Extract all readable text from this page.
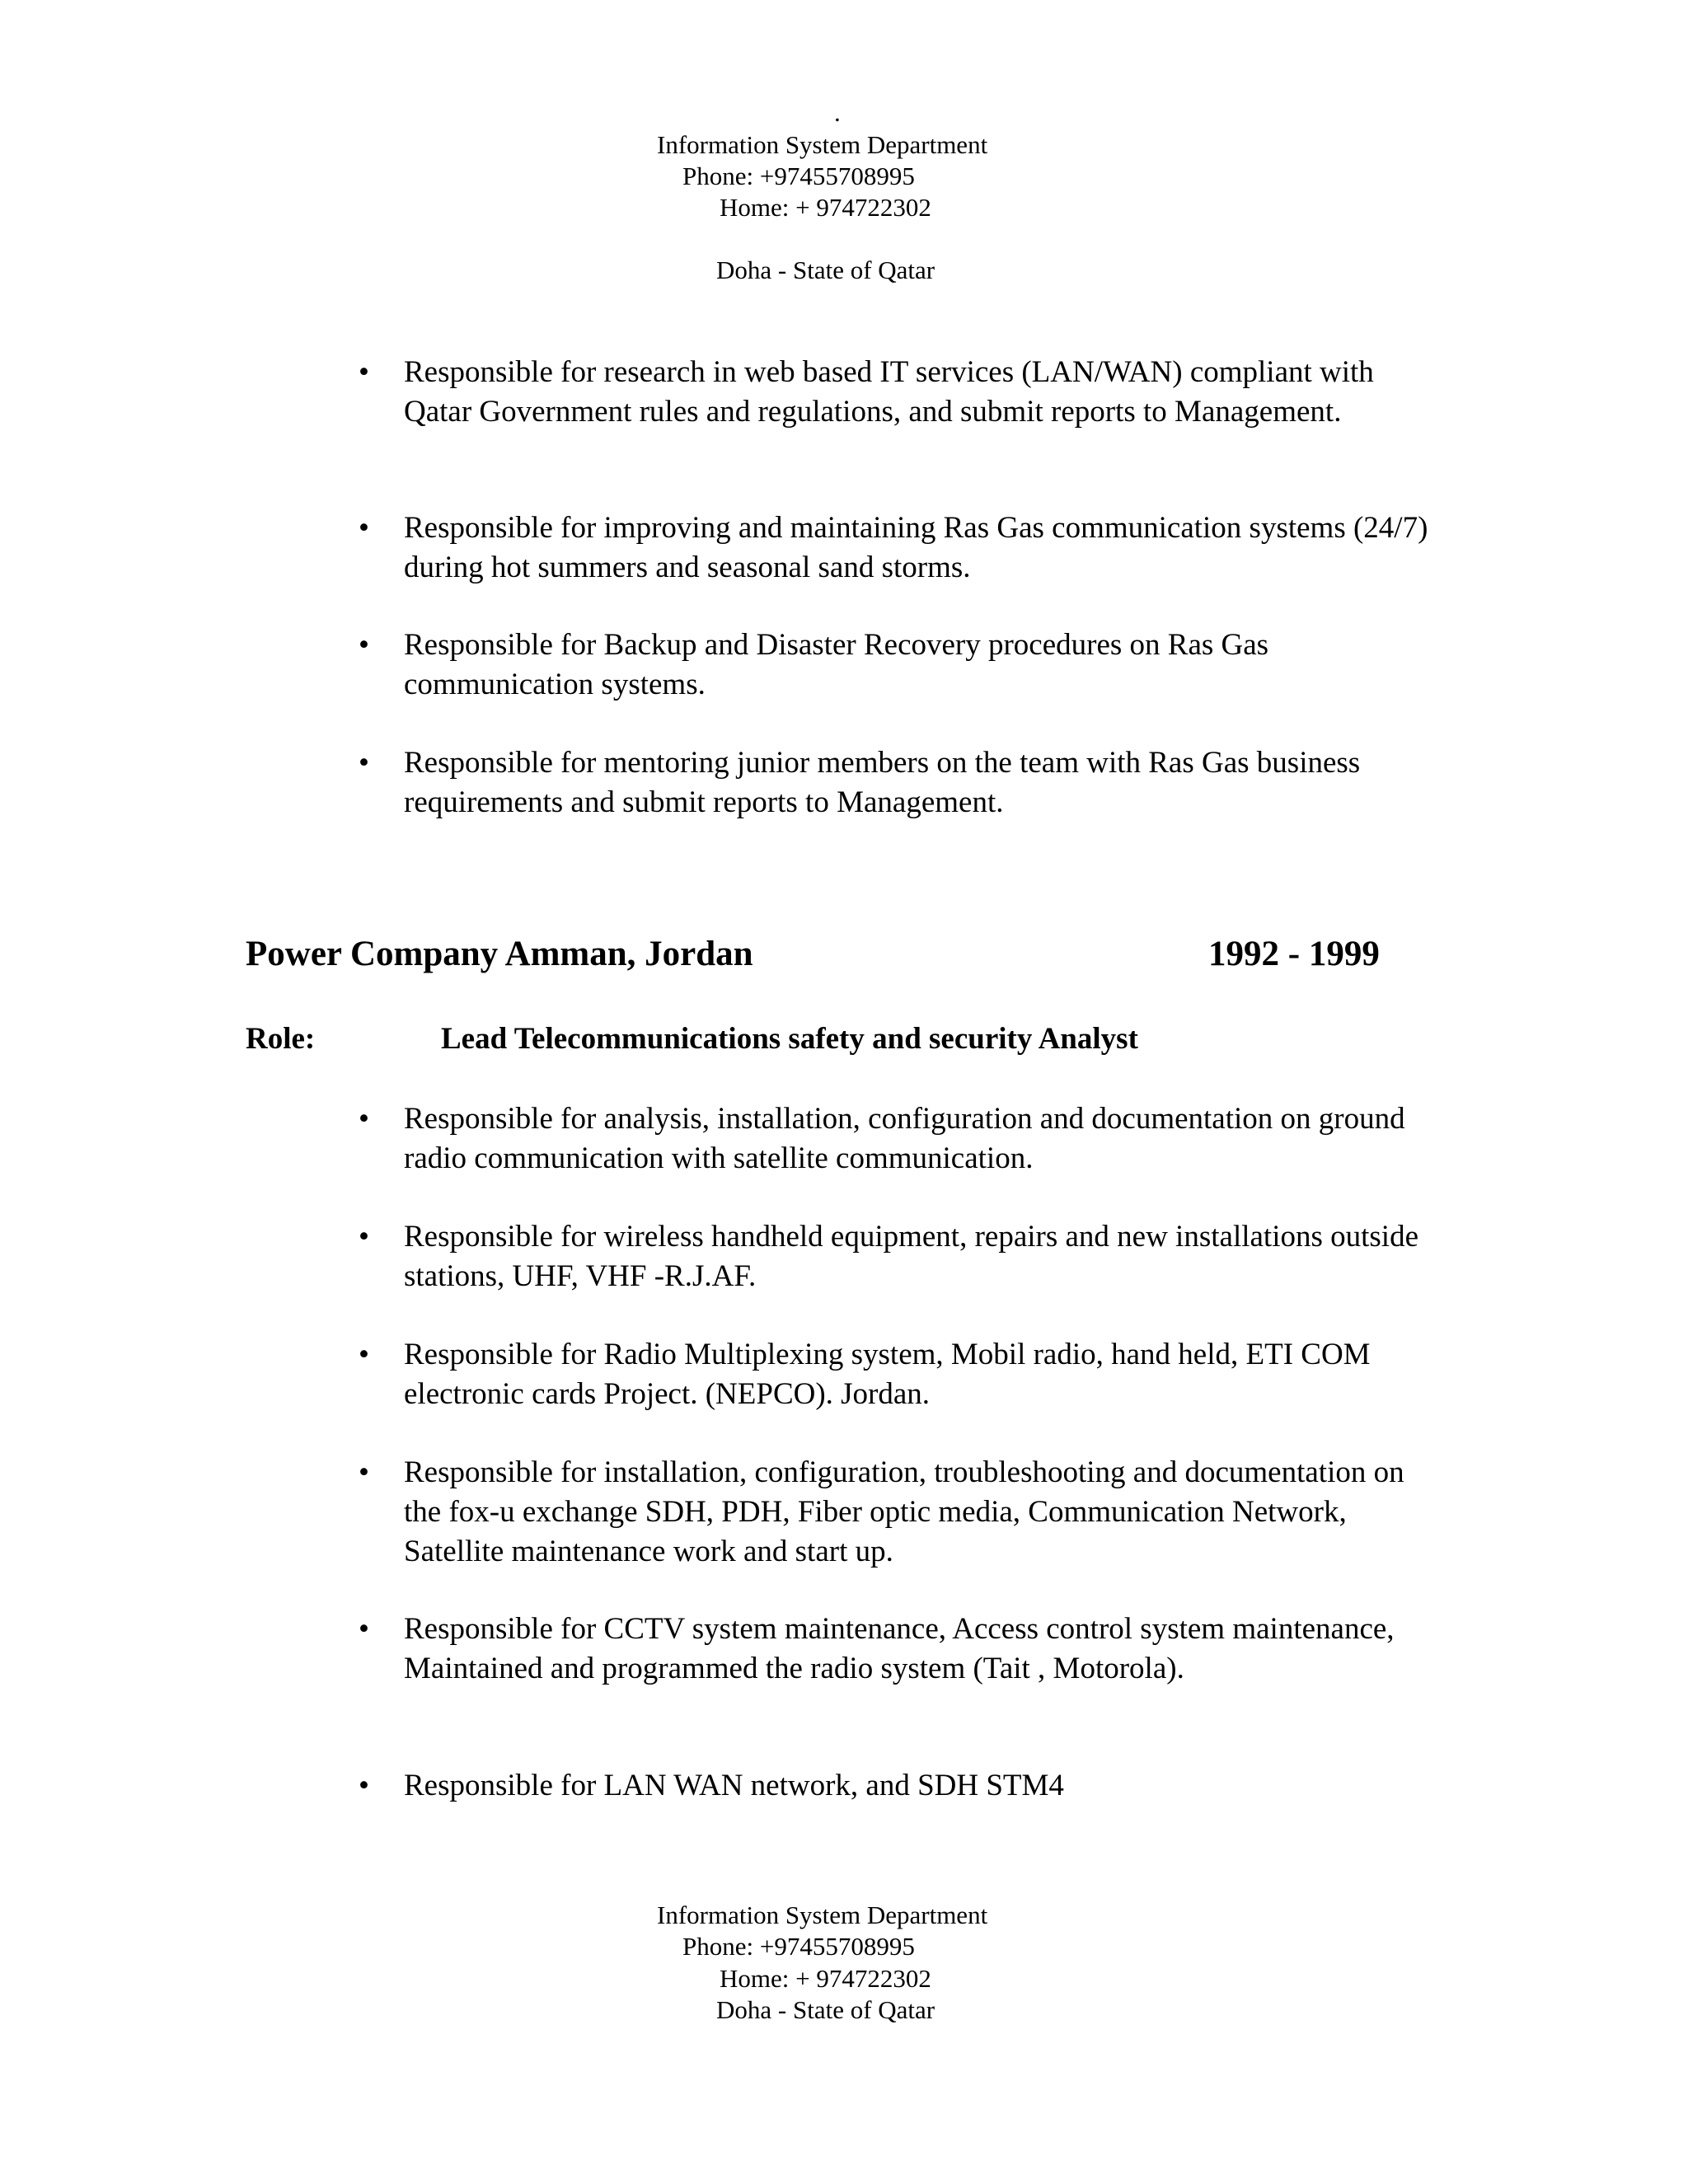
.
Information System Department
Phone: +97455708995
Home: + 974722302
Doha - State of Qatar
• Responsible for research in web based IT services (LAN/WAN) compliant with Qatar Government rules and regulations, and submit reports to Management.
• Responsible for improving and maintaining Ras Gas communication systems (24/7) during hot summers and seasonal sand storms.
• Responsible for Backup and Disaster Recovery procedures on Ras Gas communication systems.
• Responsible for mentoring junior members on the team with Ras Gas business requirements and submit reports to Management.
Power Company Amman, Jordan	1992 - 1999
Role:	Lead Telecommunications safety and security Analyst
• Responsible for analysis, installation, configuration and documentation on ground radio communication with satellite communication.
• Responsible for wireless handheld equipment, repairs and new installations outside stations, UHF, VHF -R.J.AF.
• Responsible for Radio Multiplexing system, Mobil radio, hand held, ETI COM electronic cards Project. (NEPCO). Jordan.
• Responsible for installation, configuration, troubleshooting and documentation on the fox-u exchange SDH, PDH, Fiber optic media, Communication Network, Satellite maintenance work and start up.
• Responsible for CCTV system maintenance, Access control system maintenance, Maintained and programmed the radio system (Tait , Motorola).
• Responsible for LAN WAN network, and SDH STM4
Information System Department
Phone: +97455708995
Home: + 974722302
Doha - State of Qatar
